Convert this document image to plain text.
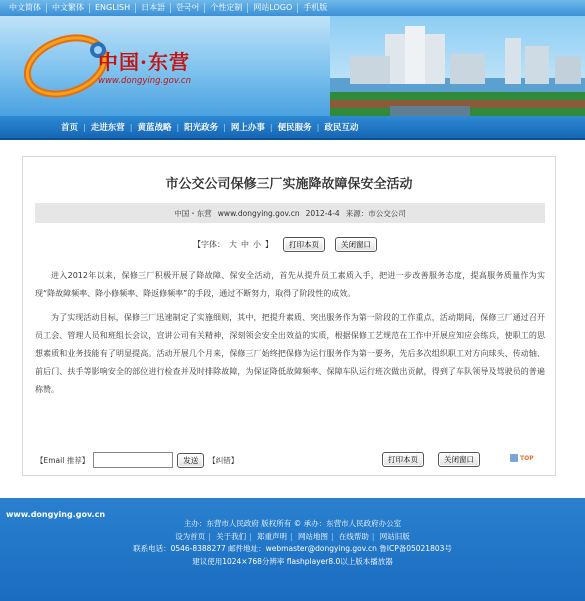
中文简体	中文繁体	ENGLISH	日本語	한국어	个性定制	网站LOGO	手机版
中国·东营
www.dongying.gov.cn
首页 | 走进东营 | 黄蓝战略 | 阳光政务 | 网上办事 | 便民服务 | 政民互动
市公交公司保修三厂实施降故障保安全活动
中国・东营 www.dongying.gov.cn 2012-4-4 来源：市公交公司
【字体： 大 中 小 】	打印本页	关闭窗口

进入2012年以来，保修三厂积极开展了降故障、保安全活动，首先从提升员工素质入手，把进一步改善服务态度，提高服务质量作为实现“降故障频率、降小修频率、降返修频率”的手段，通过不断努力，取得了阶段性的成效。

为了实现活动目标，保修三厂迅速制定了实施细则，其中，把提升素质、突出服务作为第一阶段的工作重点，活动期间，保修三厂通过召开员工会、管理人员和班组长会议，宣讲公司有关精神，深刻领会安全出效益的实质，根据保修工艺规范在工作中开展应知应会练兵，使职工的思想素质和业务技能有了明显提高。活动开展几个月来，保修三厂始终把保修为运行服务作为第一要务，先后多次组织职工对方向球头、传动轴、前后门、扶手等影响安全的部位进行检查并及时排除故障，为保证降低故障频率、保障车队运行班次做出贡献，得到了车队领导及驾驶员的普遍称赞。

【Email 推荐】	发送	【纠错】	打印本页	关闭窗口	TOP
www.dongying.gov.cn
主办：东营市人民政府 版权所有 © 承办：东营市人民政府办公室
设为首页 | 关于我们 | 郑重声明 | 网站地图 | 在线帮助 | 网站旧版
联系电话：0546-8388277 邮件地址：webmaster@dongying.gov.cn 鲁ICP备05021803号
建议使用1024×768分辨率 flashplayer8.0以上版本播放器
